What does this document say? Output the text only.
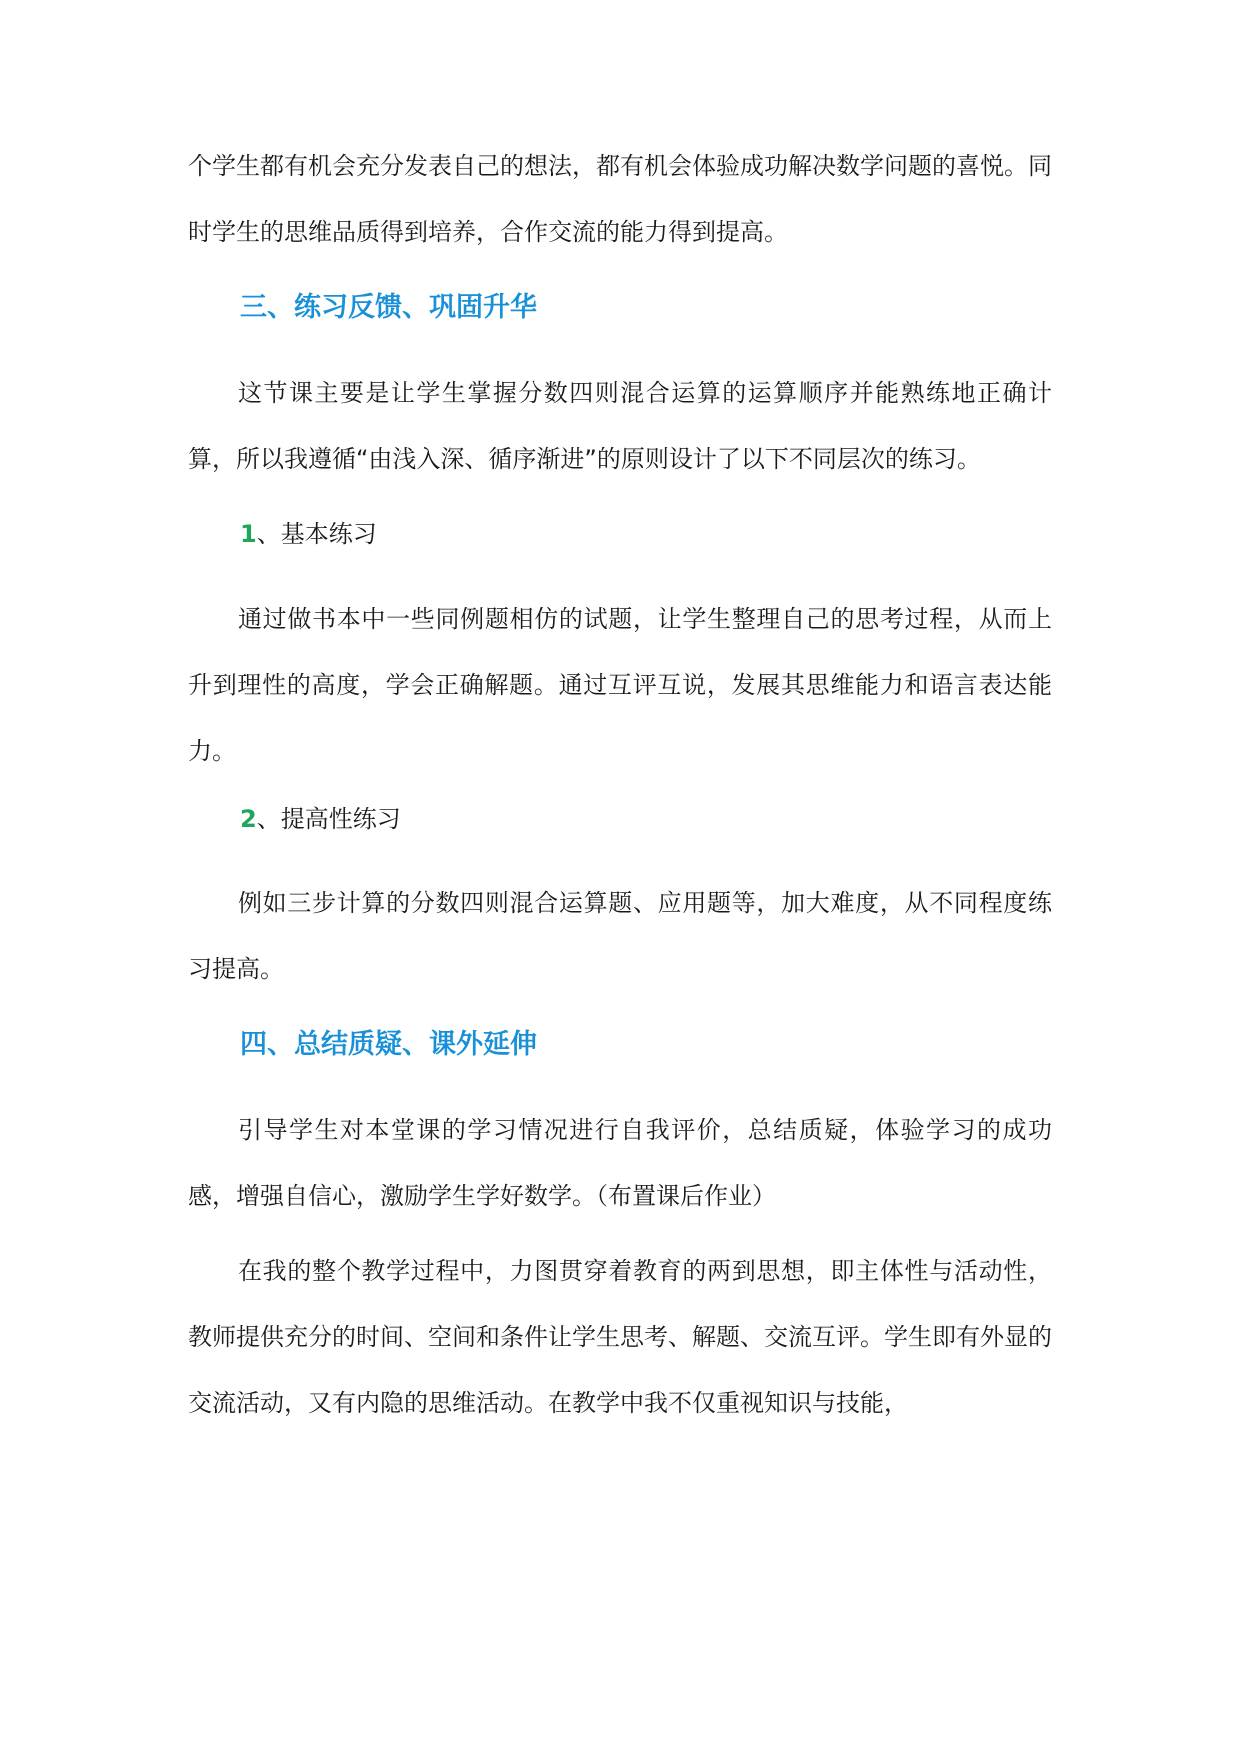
个学生都有机会充分发表自己的想法，都有机会体验成功解决数学问题的喜悦。同时学生的思维品质得到培养，合作交流的能力得到提高。

三、练习反馈、巩固升华

这节课主要是让学生掌握分数四则混合运算的运算顺序并能熟练地正确计算，所以我遵循“由浅入深、循序渐进”的原则设计了以下不同层次的练习。

1、基本练习

通过做书本中一些同例题相仿的试题，让学生整理自己的思考过程，从而上升到理性的高度，学会正确解题。通过互评互说，发展其思维能力和语言表达能力。

2、提高性练习

例如三步计算的分数四则混合运算题、应用题等，加大难度，从不同程度练习提高。

四、总结质疑、课外延伸

引导学生对本堂课的学习情况进行自我评价，总结质疑，体验学习的成功感，增强自信心，激励学生学好数学。（布置课后作业）

在我的整个教学过程中，力图贯穿着教育的两到思想，即主体性与活动性，教师提供充分的时间、空间和条件让学生思考、解题、交流互评。学生即有外显的交流活动，又有内隐的思维活动。在教学中我不仅重视知识与技能，
